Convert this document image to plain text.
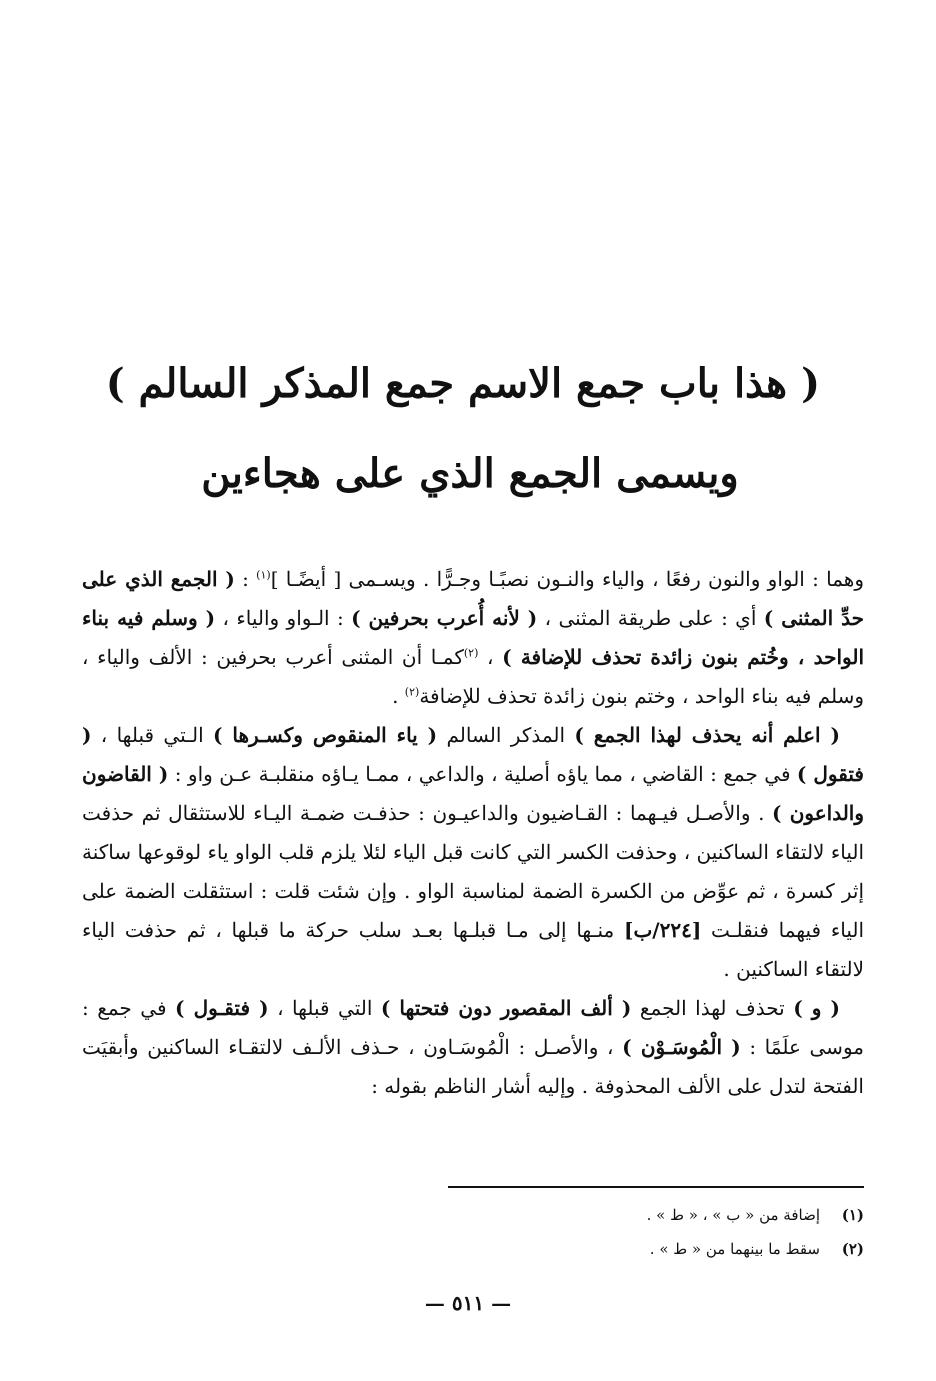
( هذا باب جمع الاسم جمع المذكر السالم )
ويسمى الجمع الذي على هجاءين

وهما : الواو والنون رفعًا ، والياء والنـون نصبًـا وجـرًّا . ويسـمى [ أيضًـا ]$^{(١)}$ : ( الجمع الذي على حدِّ المثنى ) أي : على طريقة المثنى ، ( لأنه أُعرب بحرفين ) : الـواو والياء ، ( وسلم فيه بناء الواحد ، وخُتم بنون زائدة تحذف للإضافة ) ، $^{(٢)}$كمـا أن المثنى أعرب بحرفين : الألف والياء ، وسلم فيه بناء الواحد ، وختم بنون زائدة تحذف للإضافة$^{(٢)}$ .

( اعلم أنه يحذف لهذا الجمع ) المذكر السالم ( ياء المنقوص وكسـرها ) الـتي قبلها ، ( فتقول ) في جمع : القاضي ، مما ياؤه أصلية ، والداعي ، ممـا يـاؤه منقلبـة عـن واو : ( القاضون والداعون ) . والأصـل فيـهما : القـاضيون والداعيـون : حذفـت ضمـة اليـاء للاستثقال ثم حذفت الياء لالتقاء الساكنين ، وحذفت الكسر التي كانت قبل الياء لئلا يلزم قلب الواو ياء لوقوعها ساكنة إثر كسرة ، ثم عوِّض من الكسرة الضمة لمناسبة الواو . وإن شئت قلت : استثقلت الضمة على الياء فيهما فنقلـت [٢٢٤/ب] منـها إلى مـا قبلـها بعـد سلب حركة ما قبلها ، ثم حذفت الياء لالتقاء الساكنين .

( و ) تحذف لهذا الجمع ( ألف المقصور دون فتحتها ) التي قبلها ، ( فتقـول ) في جمع : موسى علَمًا : ( الْمُوسَـوْن ) ، والأصـل : الْمُوسَـاون ، حـذف الألـف لالتقـاء الساكنين وأبقيَت الفتحة لتدل على الألف المحذوفة . وإليه أشار الناظم بقوله :

(١)
إضافة من « ب » ، « ط » .
(٢)
سقط ما بينهما من « ط » .
— ٥١١ —
